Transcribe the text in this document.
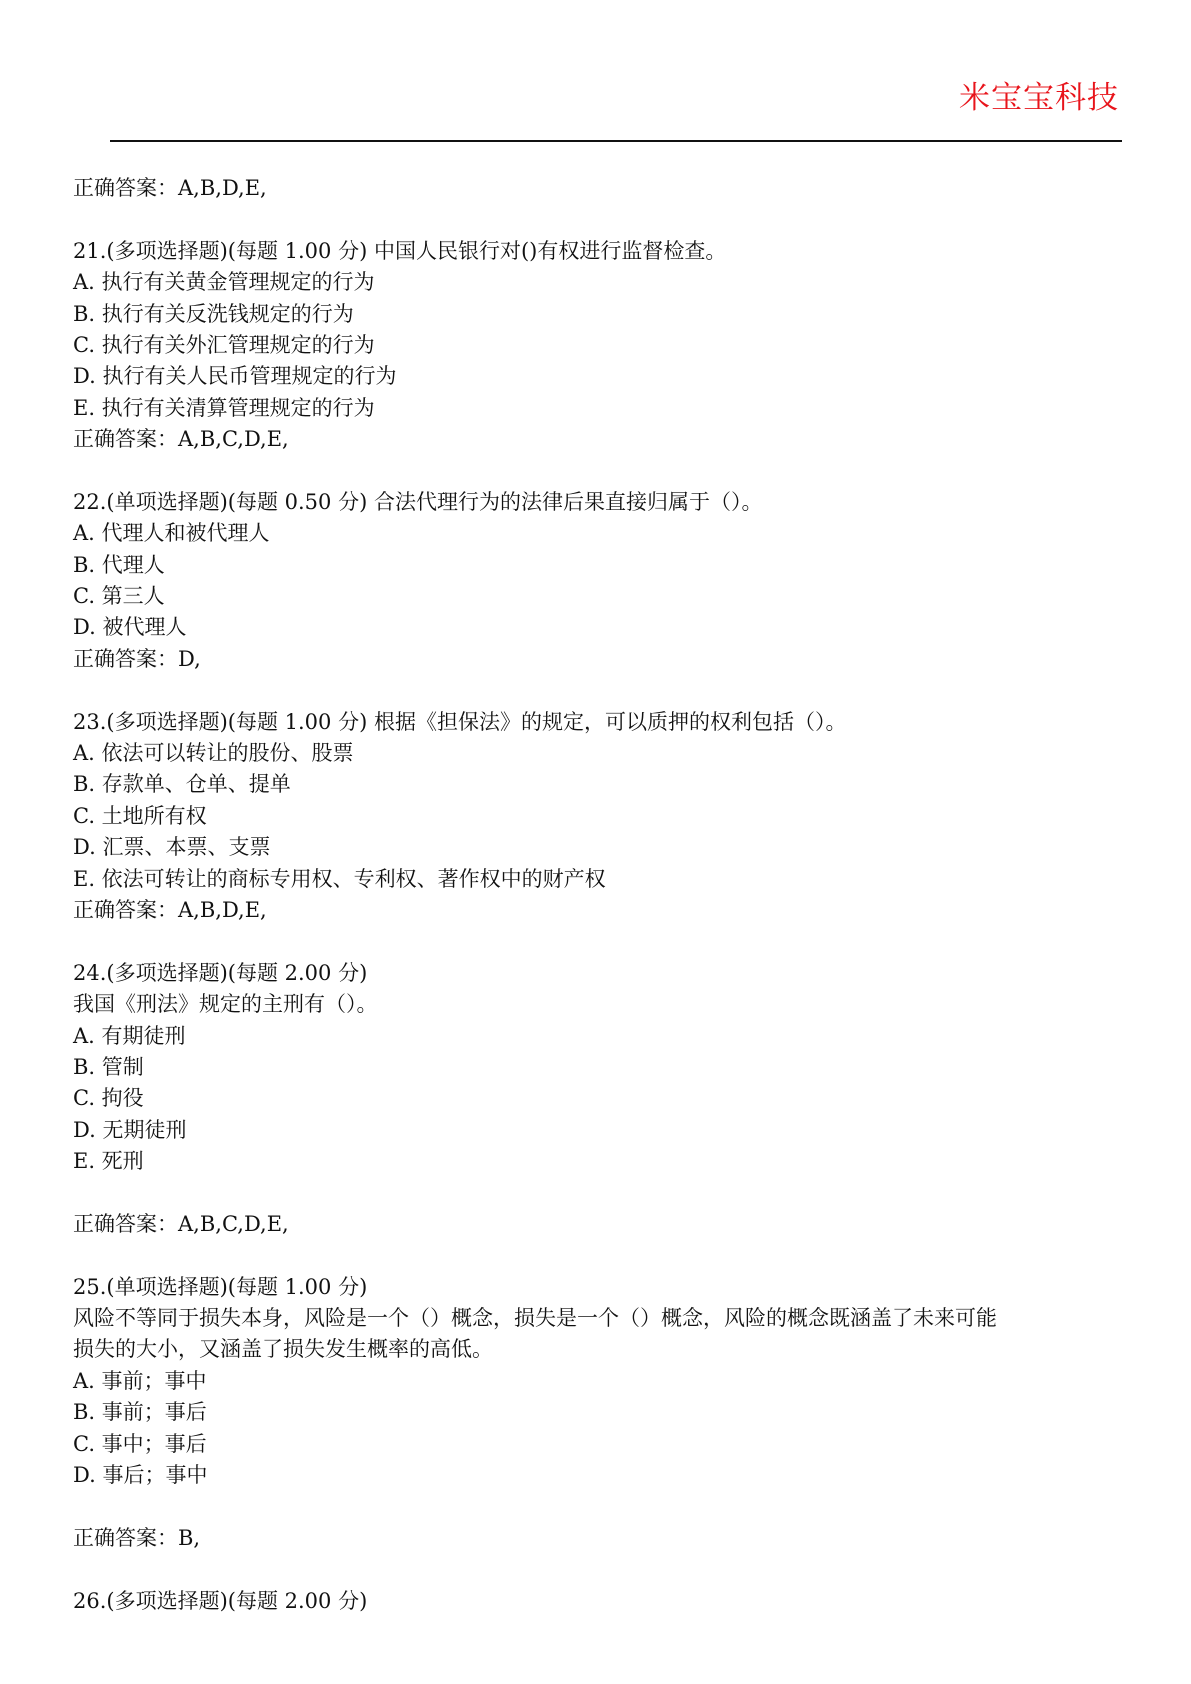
米宝宝科技
正确答案：A,B,D,E,
21.(多项选择题)(每题 1.00 分) 中国人民银行对()有权进行监督检查。
A. 执行有关黄金管理规定的行为
B. 执行有关反洗钱规定的行为
C. 执行有关外汇管理规定的行为
D. 执行有关人民币管理规定的行为
E. 执行有关清算管理规定的行为
正确答案：A,B,C,D,E,
22.(单项选择题)(每题 0.50 分) 合法代理行为的法律后果直接归属于（）。
A. 代理人和被代理人
B. 代理人
C. 第三人
D. 被代理人
正确答案：D,
23.(多项选择题)(每题 1.00 分) 根据《担保法》的规定，可以质押的权利包括（）。
A. 依法可以转让的股份、股票
B. 存款单、仓单、提单
C. 土地所有权
D. 汇票、本票、支票
E. 依法可转让的商标专用权、专利权、著作权中的财产权
正确答案：A,B,D,E,
24.(多项选择题)(每题 2.00 分)
我国《刑法》规定的主刑有（）。
A. 有期徒刑
B. 管制
C. 拘役
D. 无期徒刑
E. 死刑
正确答案：A,B,C,D,E,
25.(单项选择题)(每题 1.00 分)
风险不等同于损失本身，风险是一个（）概念，损失是一个（）概念，风险的概念既涵盖了未来可能
损失的大小，又涵盖了损失发生概率的高低。
A. 事前；事中
B. 事前；事后
C. 事中；事后
D. 事后；事中
正确答案：B,
26.(多项选择题)(每题 2.00 分)
